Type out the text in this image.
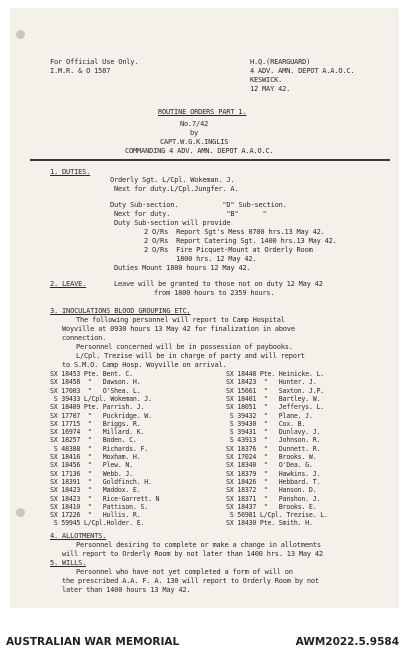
For Official Use Only.
I.M.R. & O 1587
H.Q.(REARGUARD)
4 ADV. AMN. DEPOT A.A.O.C.
KESWICK.
12 MAY 42.
ROUTINE ORDERS PART 1.
No.7/42
by
CAPT.W.G.K.INGLIS
COMMANDING 4 ADV. AMN. DEPOT A.A.O.C.
1. DUTIES.
Orderly Sgt. L/Cpl. Wokeman. J.
Next for duty.L/Cpl.Jungfer. A.
Duty Sub-section.           "D" Sub-section.
Next for duty.              "B"      "
Duty Sub-section will provide
2 O/Rs  Report Sgt's Mess 0700 hrs.13 May 42.
2 O/Rs  Report Catering Sgt. 1400 hrs.13 May 42.
2 O/Rs  Fire Picquet-Mount at Orderly Room
1800 hrs. 12 May 42.
Duties Mount 1800 hours 12 May 42.
2. LEAVE.	Leave will be granted to those not on duty 12 May 42
from 1800 hours to 2359 hours.
3. INOCULATIONS BLOOD GROUPING ETC.
The following personnel will report to Camp Hospital
Woyville at 0930 hours 13 May 42 for finalization in above
connection.
Personnel concerned will be in possession of paybooks.
L/Cpl. Trezise will be in charge of party and will report
to S.M.O. Camp Hosp. Woyville on arrival.
SX 18453 Pte. Bent. C.
SX 18458  "   Dawson. H.
SX 17003  "   O'Shea. L.
S 39433 L/Cpl. Wokeman. J.
SX 18409 Pte. Parrish. J.
SX 17707  "   Puckridge. W.
SX 17715  "   Briggs. R.
SX 16974  "   Millard. K.
SX 18257  "   Boden. C.
S 48388  "   Richards. F.
SX 18416  "   Moxham. H.
SX 18456  "   Plew. N.
SX 17136  "   Webb. J.
SX 18391  "   Goldfinch. H.
SX 18423  "   Maddox. E.
SX 18423  "   Rice-Garrett. N
SX 18410  "   Pattison. S.
SX 17226  "   Hollis. R.
S 59945 L/Cpl.Holder. E.
SX 18448 Pte. Heinicke. L.
SX 18423  "   Hunter. J.
SX 15661  "   Saxton. J.P.
SX 18401  "   Bartley. W.
SX 18051  "   Jefferys. L.
S 39432  "   Plane. J.
S 39430  "   Cox. B.
S 39431  "   Dunlavy. J.
S 43913  "   Johnson. R.
SX 18376  "   Dunnett. R.
SX 17024  "   Brooks. W.
SX 18340  "   O'Dea. G.
SX 18379  "   Hawkins. J.
SX 18426  "   Hebbard. T.
SX 18372  "   Hanson. D.
SX 18371  "   Panshon. J.
SX 18437  "   Brooks. E.
S 56981 L/Cpl. Trezise. L.
SX 18430 Pte. Smith. H.
4. ALLOTMENTS.
Personnel desiring to complete or make a change in allotments
will report to Orderly Room by not later than 1400 hrs. 13 May 42
5. WILLS.
Personnel who have not yet completed a form of will on
the prescribed A.A. F. A. 130 will report to Orderly Room by not
later than 1400 hours 13 May 42.
AUSTRALIAN WAR MEMORIAL	AWM2022.5.9584
